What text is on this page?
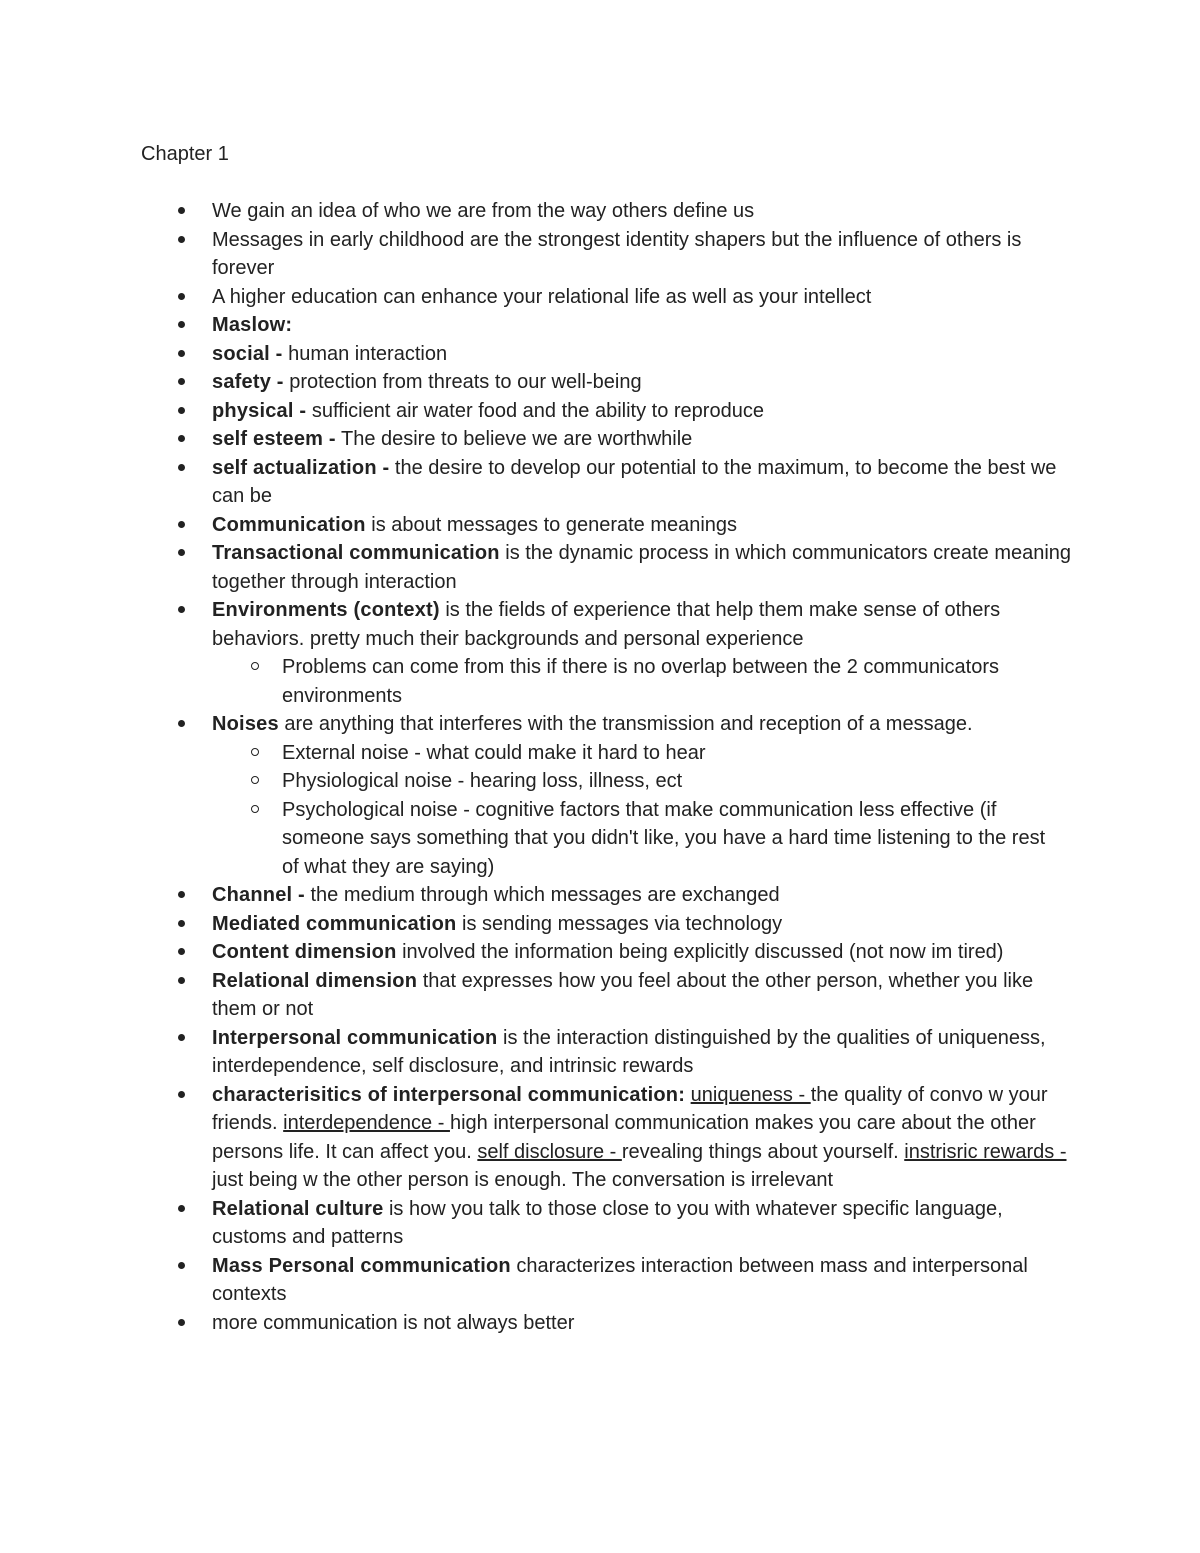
Chapter 1
We gain an idea of who we are from the way others define us
Messages in early childhood are the strongest identity shapers but the influence of others is forever
A higher education can enhance your relational life as well as your intellect
Maslow:
social - human interaction
safety - protection from threats to our well-being
physical - sufficient air water food and the ability to reproduce
self esteem - The desire to believe we are worthwhile
self actualization - the desire to develop our potential to the maximum, to become the best we can be
Communication is about messages to generate meanings
Transactional communication is the dynamic process in which communicators create meaning together through interaction
Environments (context) is the fields of experience that help them make sense of others behaviors. pretty much their backgrounds and personal experience
Problems can come from this if there is no overlap between the 2 communicators environments
Noises are anything that interferes with the transmission and reception of a message.
External noise - what could make it hard to hear
Physiological noise - hearing loss, illness, ect
Psychological noise - cognitive factors that make communication less effective (if someone says something that you didn't like, you have a hard time listening to the rest of what they are saying)
Channel - the medium through which messages are exchanged
Mediated communication is sending messages via technology
Content dimension involved the information being explicitly discussed (not now im tired)
Relational dimension that expresses how you feel about the other person, whether you like them or not
Interpersonal communication is the interaction distinguished by the qualities of uniqueness, interdependence, self disclosure, and intrinsic rewards
characterisitics of interpersonal communication: uniqueness - the quality of convo w your friends. interdependence - high interpersonal communication makes you care about the other persons life. It can affect you. self disclosure - revealing things about yourself. instrisric rewards - just being w the other person is enough. The conversation is irrelevant
Relational culture is how you talk to those close to you with whatever specific language, customs and patterns
Mass Personal communication characterizes interaction between mass and interpersonal contexts
more communication is not always better
